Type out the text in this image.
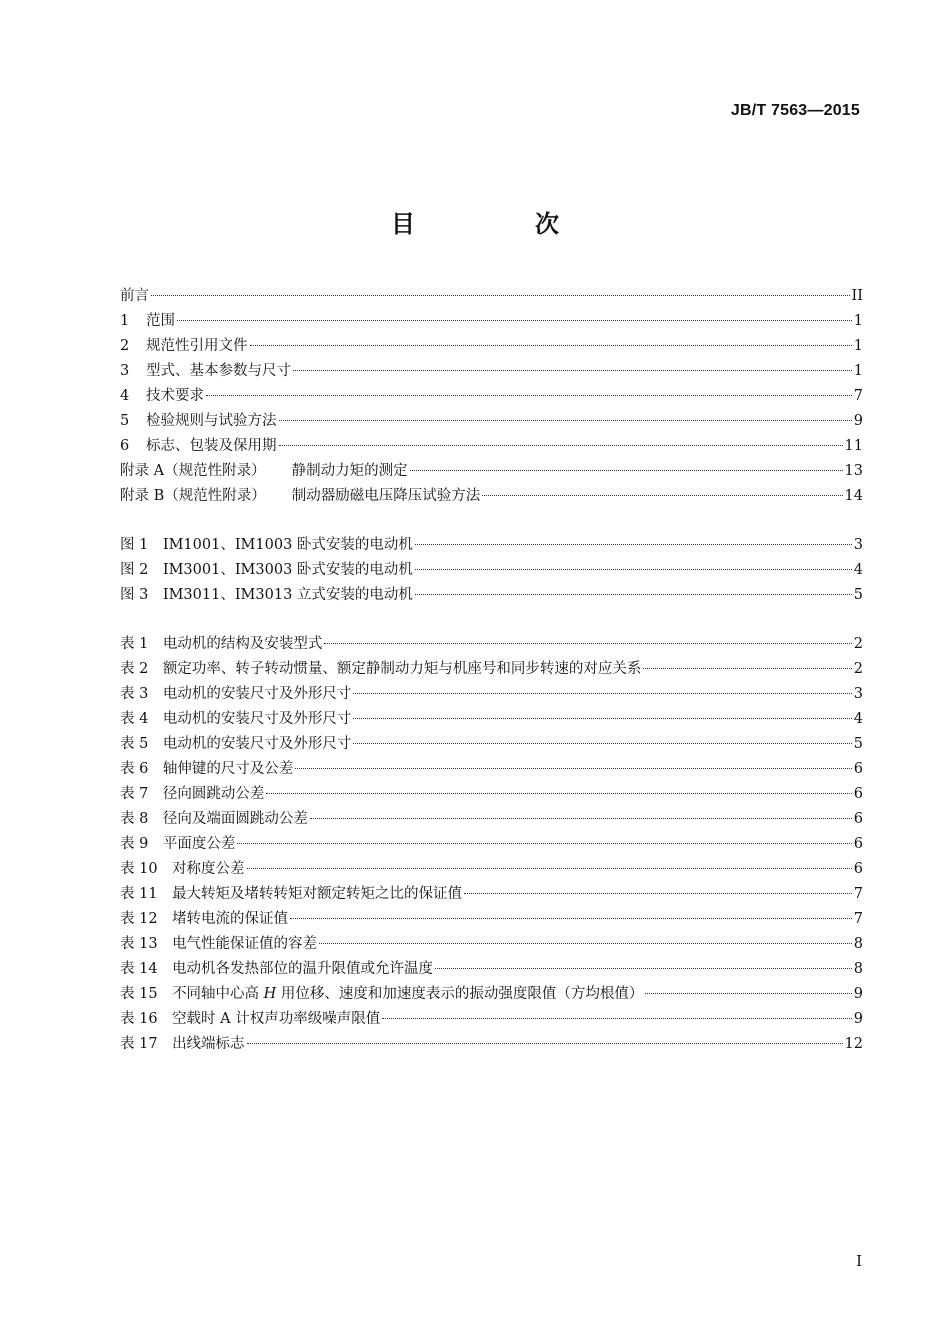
JB/T 7563—2015
目　次
前言	II
1 范围	1
2 规范性引用文件	1
3 型式、基本参数与尺寸	1
4 技术要求	7
5 检验规则与试验方法	9
6 标志、包装及保用期	11
附录 A（规范性附录） 静制动力矩的测定	13
附录 B（规范性附录） 制动器励磁电压降压试验方法	14
图 1　 IM1001、IM1003 卧式安装的电动机	3
图 2　 IM3001、IM3003 卧式安装的电动机	4
图 3　 IM3011、IM3013 立式安装的电动机	5
表 1　 电动机的结构及安装型式	2
表 2　 额定功率、转子转动惯量、额定静制动力矩与机座号和同步转速的对应关系	2
表 3　 电动机的安装尺寸及外形尺寸	3
表 4　 电动机的安装尺寸及外形尺寸	4
表 5　 电动机的安装尺寸及外形尺寸	5
表 6　 轴伸键的尺寸及公差	6
表 7　 径向圆跳动公差	6
表 8　 径向及端面圆跳动公差	6
表 9　 平面度公差	6
表 10　 对称度公差	6
表 11　 最大转矩及堵转转矩对额定转矩之比的保证值	7
表 12　 堵转电流的保证值	7
表 13　 电气性能保证值的容差	8
表 14　 电动机各发热部位的温升限值或允许温度	8
表 15　 不同轴中心高 H 用位移、速度和加速度表示的振动强度限值（方均根值）	9
表 16　 空载时 A 计权声功率级噪声限值	9
表 17　 出线端标志	12
I
